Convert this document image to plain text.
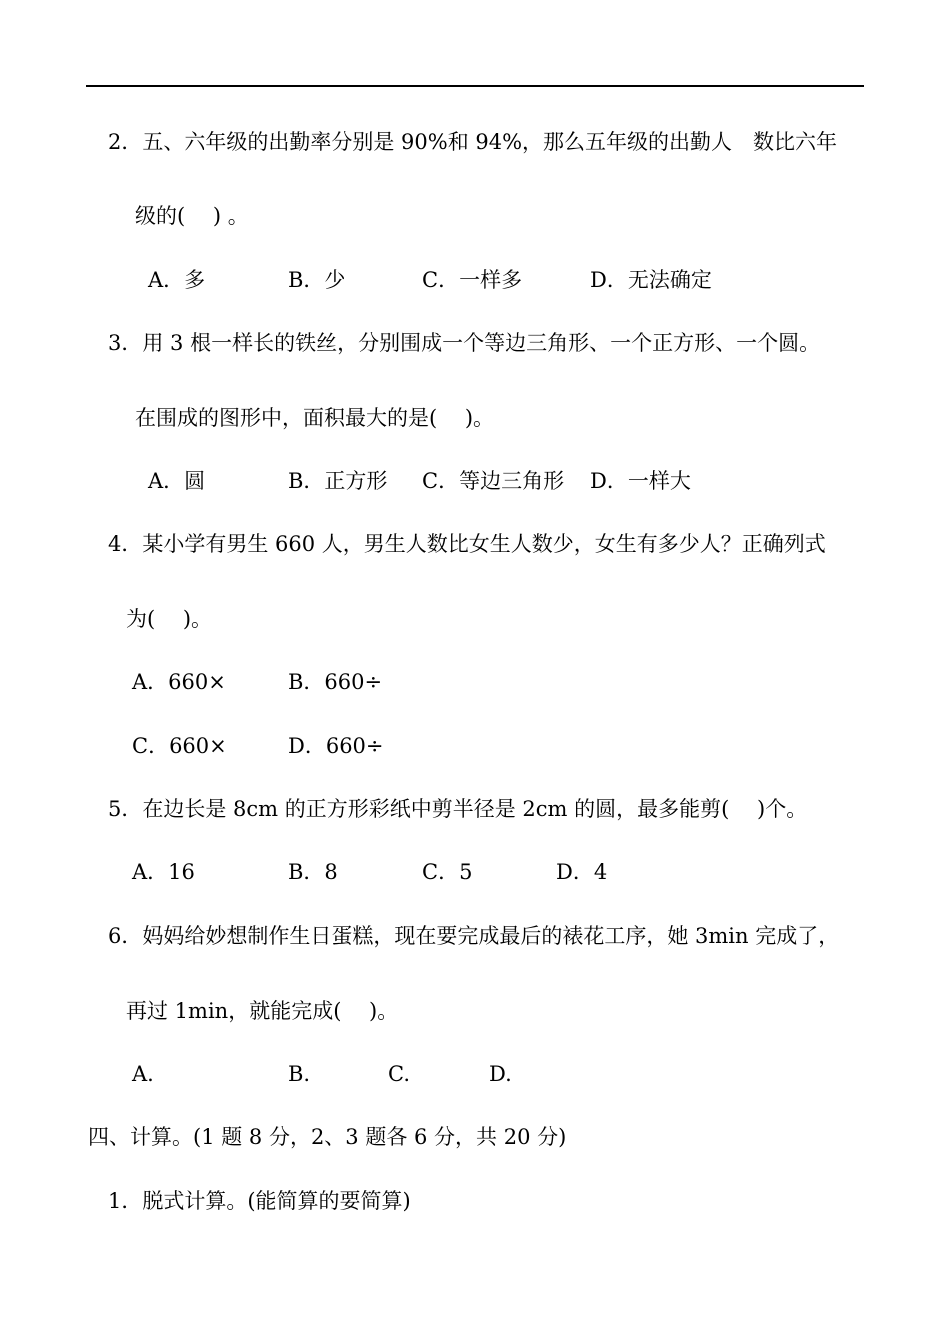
2．五、六年级的出勤率分别是 90%和 94%，那么五年级的出勤人　数比六年
级的(　 ) 。
A．多	B．少	C．一样多	D．无法确定
3．用 3 根一样长的铁丝，分别围成一个等边三角形、一个正方形、一个圆。
在围成的图形中，面积最大的是(　 )。
A．圆	B．正方形 C．等边三角形 D．一样大
4．某小学有男生 660 人，男生人数比女生人数少，女生有多少人？正确列式
为(　 )。
A．660×	B．660÷
C．660×	D．660÷
5．在边长是 8cm 的正方形彩纸中剪半径是 2cm 的圆，最多能剪(　 )个。
A．16	B．8	C．5	D．4
6．妈妈给妙想制作生日蛋糕，现在要完成最后的裱花工序，她 3min 完成了，
再过 1min，就能完成(　 )。
A.	B.	C.	D.
四、计算。(1 题 8 分，2、3 题各 6 分，共 20 分)
1．脱式计算。(能简算的要简算)
